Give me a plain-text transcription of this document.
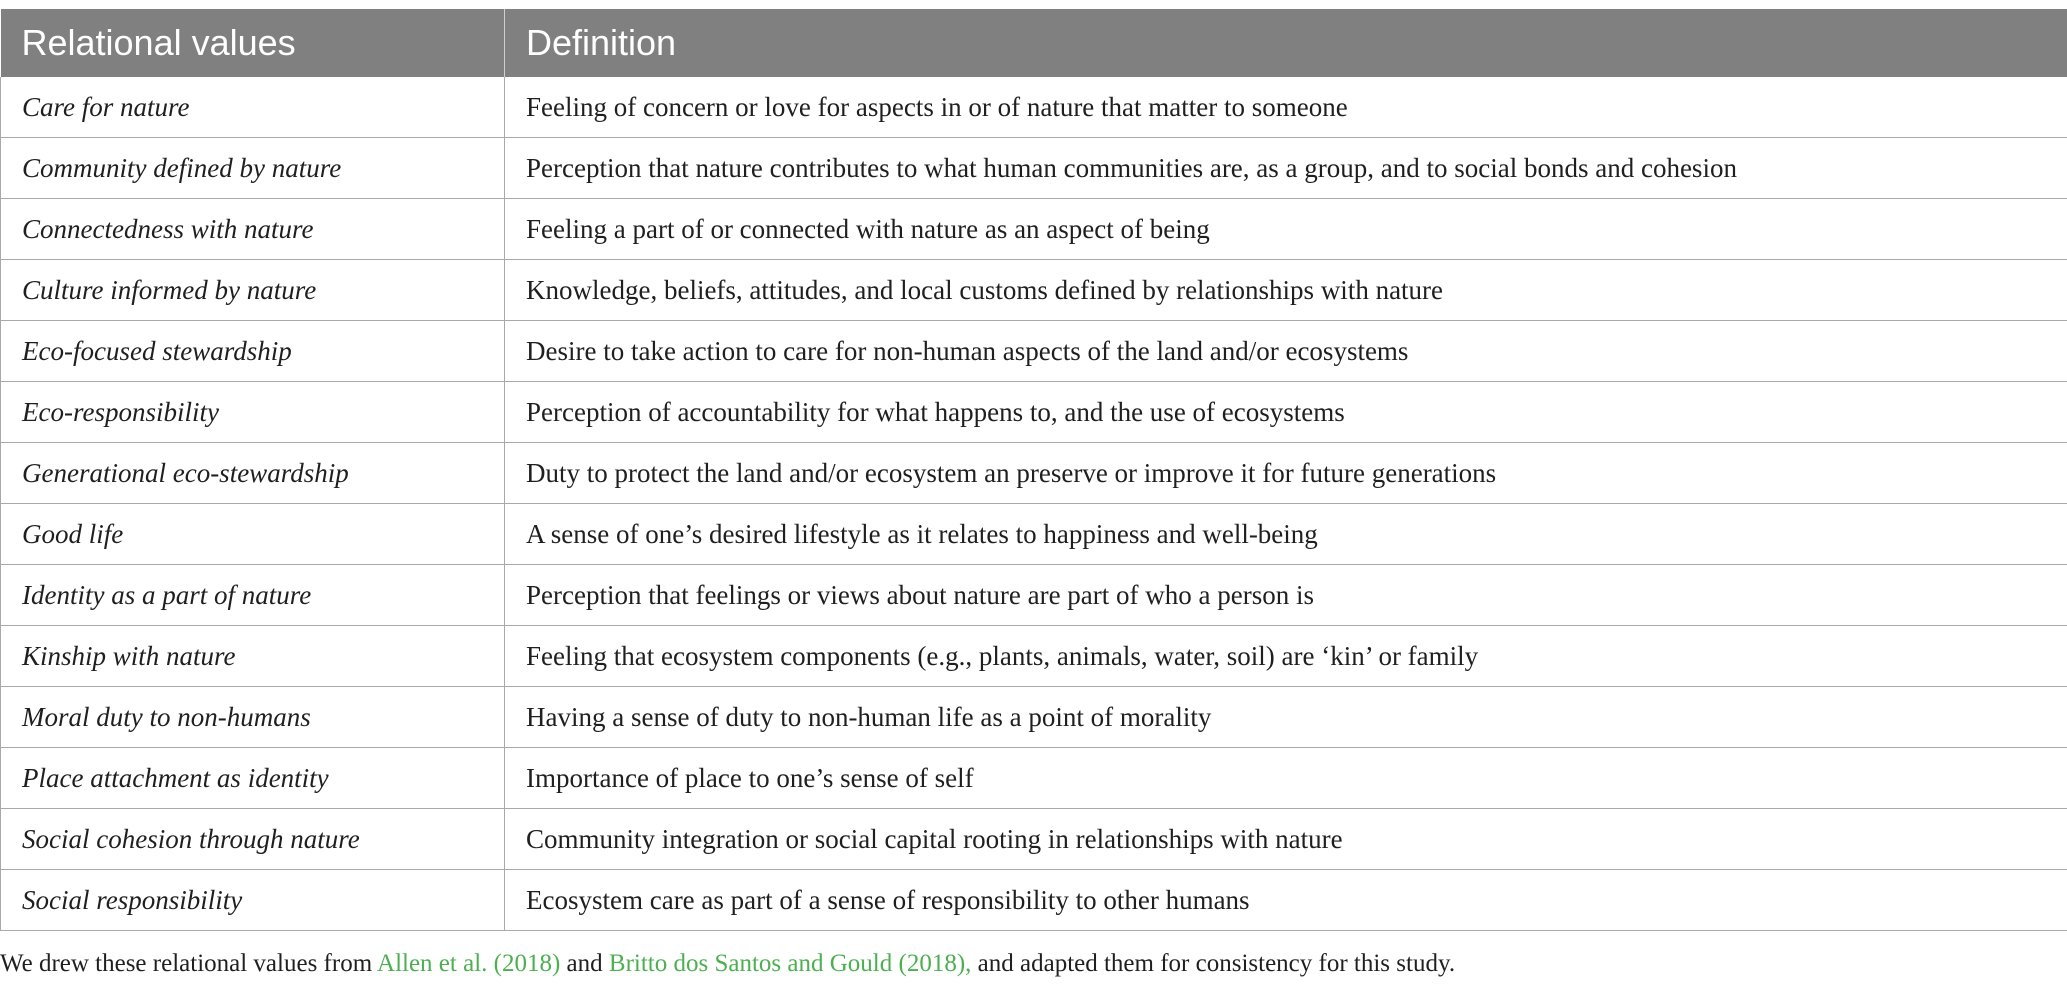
Relational values	Definition
Care for nature	Feeling of concern or love for aspects in or of nature that matter to someone
Community defined by nature	Perception that nature contributes to what human communities are, as a group, and to social bonds and cohesion
Connectedness with nature	Feeling a part of or connected with nature as an aspect of being
Culture informed by nature	Knowledge, beliefs, attitudes, and local customs defined by relationships with nature
Eco-focused stewardship	Desire to take action to care for non-human aspects of the land and/or ecosystems
Eco-responsibility	Perception of accountability for what happens to, and the use of ecosystems
Generational eco-stewardship	Duty to protect the land and/or ecosystem an preserve or improve it for future generations
Good life	A sense of one’s desired lifestyle as it relates to happiness and well-being
Identity as a part of nature	Perception that feelings or views about nature are part of who a person is
Kinship with nature	Feeling that ecosystem components (e.g., plants, animals, water, soil) are ‘kin’ or family
Moral duty to non-humans	Having a sense of duty to non-human life as a point of morality
Place attachment as identity	Importance of place to one’s sense of self
Social cohesion through nature	Community integration or social capital rooting in relationships with nature
Social responsibility	Ecosystem care as part of a sense of responsibility to other humans
We drew these relational values from Allen et al. (2018) and Britto dos Santos and Gould (2018), and adapted them for consistency for this study.
